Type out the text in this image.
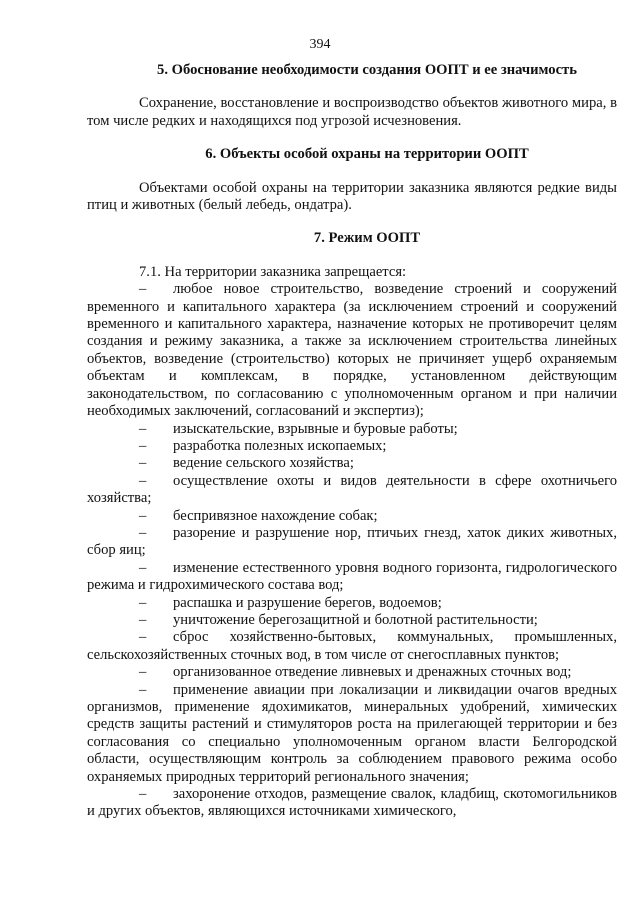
394

5. Обоснование необходимости создания ООПТ и ее значимость

Сохранение, восстановление и воспроизводство объектов животного мира, в том числе редких и находящихся под угрозой исчезновения.

6. Объекты особой охраны на территории ООПТ

Объектами особой охраны на территории заказника являются редкие виды птиц и животных (белый лебедь, ондатра).

7. Режим ООПТ

7.1. На территории заказника запрещается:

– любое новое строительство, возведение строений и сооружений временного и капитального характера (за исключением строений и сооружений временного и капитального характера, назначение которых не противоречит целям создания и режиму заказника, а также за исключением строительства линейных объектов, возведение (строительство) которых не причиняет ущерб охраняемым объектам и комплексам, в порядке, установленном действующим законодательством, по согласованию с уполномоченным органом и при наличии необходимых заключений, согласований и экспертиз);

– изыскательские, взрывные и буровые работы;

– разработка полезных ископаемых;

– ведение сельского хозяйства;

– осуществление охоты и видов деятельности в сфере охотничьего хозяйства;

– беспривязное нахождение собак;

– разорение и разрушение нор, птичьих гнезд, хаток диких животных, сбор яиц;

– изменение естественного уровня водного горизонта, гидрологического режима и гидрохимического состава вод;

– распашка и разрушение берегов, водоемов;

– уничтожение берегозащитной и болотной растительности;

– сброс хозяйственно-бытовых, коммунальных, промышленных, сельскохозяйственных сточных вод, в том числе от снегосплавных пунктов;

– организованное отведение ливневых и дренажных сточных вод;

– применение авиации при локализации и ликвидации очагов вредных организмов, применение ядохимикатов, минеральных удобрений, химических средств защиты растений и стимуляторов роста на прилегающей территории и без согласования со специально уполномоченным органом власти Белгородской области, осуществляющим контроль за соблюдением правового режима особо охраняемых природных территорий регионального значения;

– захоронение отходов, размещение свалок, кладбищ, скотомогильников и других объектов, являющихся источниками химического,
